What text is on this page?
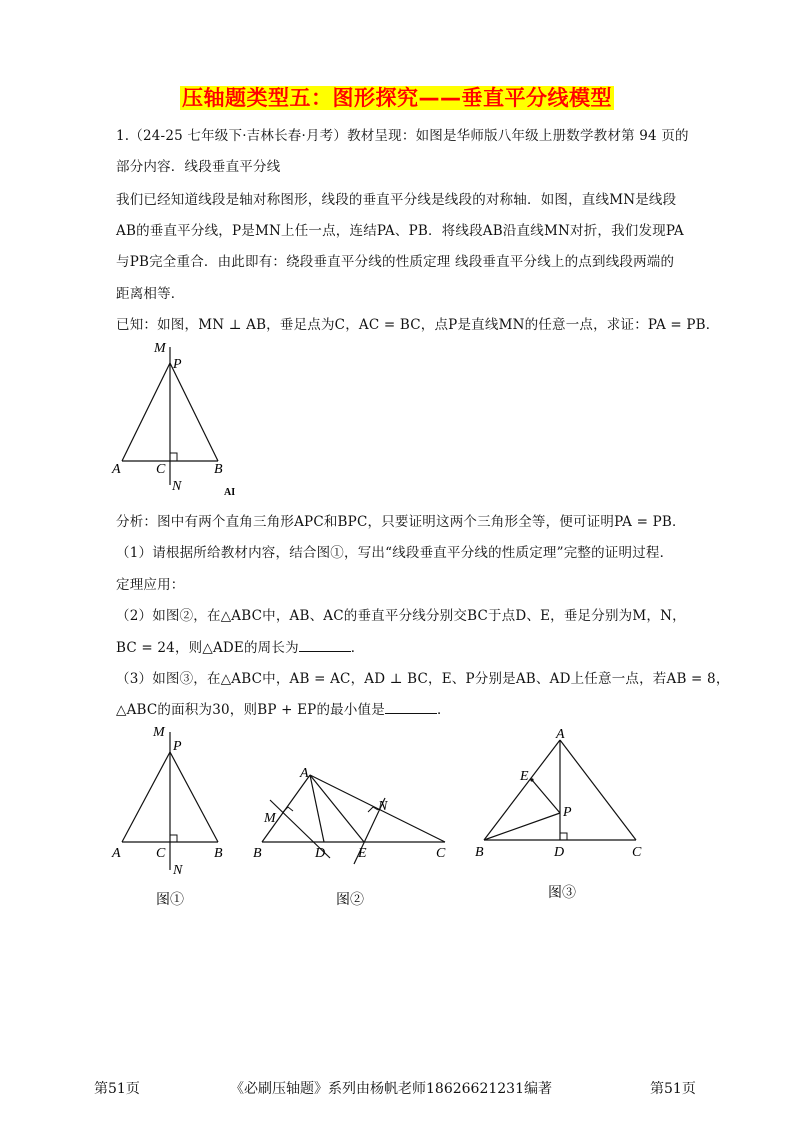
压轴题类型五：图形探究——垂直平分线模型
1.（24-25 七年级下·吉林长春·月考）教材呈现：如图是华师版八年级上册数学教材第 94 页的
部分内容．线段垂直平分线
我们已经知道线段是轴对称图形，线段的垂直平分线是线段的对称轴．如图，直线MN是线段
AB的垂直平分线，P是MN上任一点，连结PA、PB．将线段AB沿直线MN对折，我们发现PA
与PB完全重合．由此即有：绕段垂直平分线的性质定理 线段垂直平分线上的点到线段两端的
距离相等．
已知：如图，MN ⊥ AB，垂足点为C，AC = BC，点P是直线MN的任意一点，求证：PA = PB．
M
P
A	C	B
N	AI
分析：图中有两个直角三角形APC和BPC，只要证明这两个三角形全等，便可证明PA = PB．
（1）请根据所给教材内容，结合图①，写出“线段垂直平分线的性质定理”完整的证明过程．
定理应用：
（2）如图②，在△ABC中，AB、AC的垂直平分线分别交BC于点D、E，垂足分别为M，N，
BC = 24，则△ADE的周长为	．
（3）如图③，在△ABC中，AB = AC，AD ⊥ BC，E、P分别是AB、AD上任意一点，若AB = 8，
△ABC的面积为30，则BP + EP的最小值是	．
M
P
A	C	B
N
图①
A
M
N
B	D E	C
图②
A
E
P
B	D	C
图③
第51页	《必刷压轴题》系列由杨帆老师18626621231编著	第51页
